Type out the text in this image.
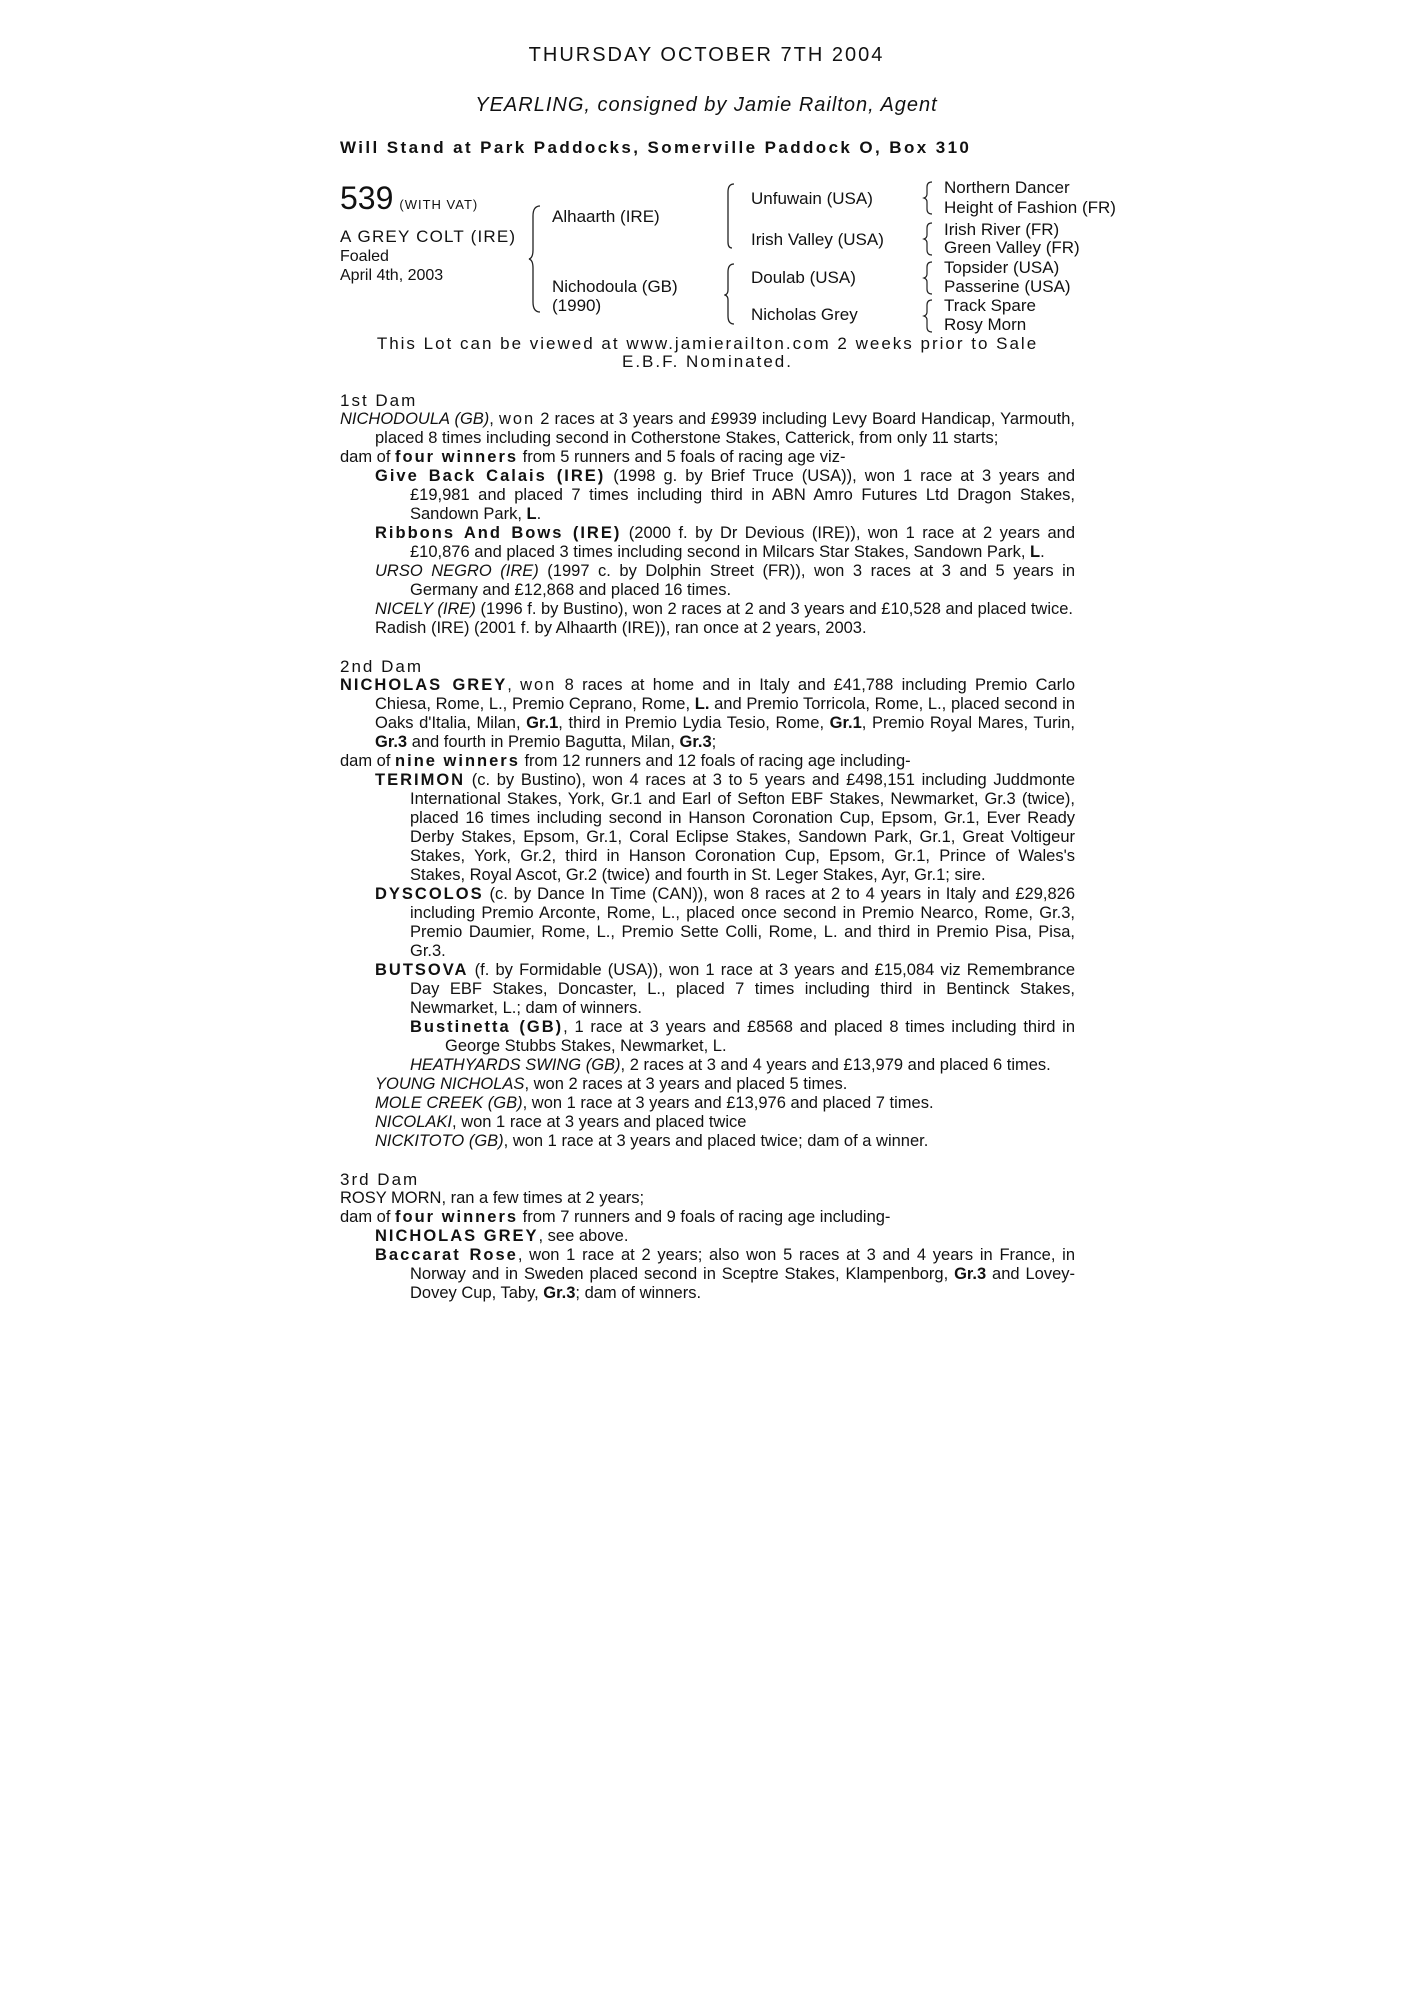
THURSDAY OCTOBER 7TH 2004
YEARLING, consigned by Jamie Railton, Agent
Will Stand at Park Paddocks, Somerville Paddock O, Box 310
539 (WITH VAT)
A GREY COLT (IRE)
Foaled
April 4th, 2003
Alhaarth (IRE)
Nichodoula (GB)
(1990)
Unfuwain (USA)
Irish Valley (USA)
Doulab (USA)
Nicholas Grey
Northern Dancer
Height of Fashion (FR)
Irish River (FR)
Green Valley (FR)
Topsider (USA)
Passerine (USA)
Track Spare
Rosy Morn
This Lot can be viewed at www.jamierailton.com 2 weeks prior to Sale
E.B.F. Nominated.
1st Dam
NICHODOULA (GB), won 2 races at 3 years and £9939 including Levy Board Handicap, Yarmouth, placed 8 times including second in Cotherstone Stakes, Catterick, from only 11 starts;
dam of four winners from 5 runners and 5 foals of racing age viz-
Give Back Calais (IRE) (1998 g. by Brief Truce (USA)), won 1 race at 3 years and £19,981 and placed 7 times including third in ABN Amro Futures Ltd Dragon Stakes, Sandown Park, L.
Ribbons And Bows (IRE) (2000 f. by Dr Devious (IRE)), won 1 race at 2 years and £10,876 and placed 3 times including second in Milcars Star Stakes, Sandown Park, L.
URSO NEGRO (IRE) (1997 c. by Dolphin Street (FR)), won 3 races at 3 and 5 years in Germany and £12,868 and placed 16 times.
NICELY (IRE) (1996 f. by Bustino), won 2 races at 2 and 3 years and £10,528 and placed twice.
Radish (IRE) (2001 f. by Alhaarth (IRE)), ran once at 2 years, 2003.
2nd Dam
NICHOLAS GREY, won 8 races at home and in Italy and £41,788 including Premio Carlo Chiesa, Rome, L., Premio Ceprano, Rome, L. and Premio Torricola, Rome, L., placed second in Oaks d'Italia, Milan, Gr.1, third in Premio Lydia Tesio, Rome, Gr.1, Premio Royal Mares, Turin, Gr.3 and fourth in Premio Bagutta, Milan, Gr.3;
dam of nine winners from 12 runners and 12 foals of racing age including-
TERIMON (c. by Bustino), won 4 races at 3 to 5 years and £498,151 including Juddmonte International Stakes, York, Gr.1 and Earl of Sefton EBF Stakes, Newmarket, Gr.3 (twice), placed 16 times including second in Hanson Coronation Cup, Epsom, Gr.1, Ever Ready Derby Stakes, Epsom, Gr.1, Coral Eclipse Stakes, Sandown Park, Gr.1, Great Voltigeur Stakes, York, Gr.2, third in Hanson Coronation Cup, Epsom, Gr.1, Prince of Wales's Stakes, Royal Ascot, Gr.2 (twice) and fourth in St. Leger Stakes, Ayr, Gr.1; sire.
DYSCOLOS (c. by Dance In Time (CAN)), won 8 races at 2 to 4 years in Italy and £29,826 including Premio Arconte, Rome, L., placed once second in Premio Nearco, Rome, Gr.3, Premio Daumier, Rome, L., Premio Sette Colli, Rome, L. and third in Premio Pisa, Pisa, Gr.3.
BUTSOVA (f. by Formidable (USA)), won 1 race at 3 years and £15,084 viz Remembrance Day EBF Stakes, Doncaster, L., placed 7 times including third in Bentinck Stakes, Newmarket, L.; dam of winners.
Bustinetta (GB), 1 race at 3 years and £8568 and placed 8 times including third in George Stubbs Stakes, Newmarket, L.
HEATHYARDS SWING (GB), 2 races at 3 and 4 years and £13,979 and placed 6 times.
YOUNG NICHOLAS, won 2 races at 3 years and placed 5 times.
MOLE CREEK (GB), won 1 race at 3 years and £13,976 and placed 7 times.
NICOLAKI, won 1 race at 3 years and placed twice
NICKITOTO (GB), won 1 race at 3 years and placed twice; dam of a winner.
3rd Dam
ROSY MORN, ran a few times at 2 years;
dam of four winners from 7 runners and 9 foals of racing age including-
NICHOLAS GREY, see above.
Baccarat Rose, won 1 race at 2 years; also won 5 races at 3 and 4 years in France, in Norway and in Sweden placed second in Sceptre Stakes, Klampenborg, Gr.3 and Lovey-Dovey Cup, Taby, Gr.3; dam of winners.
